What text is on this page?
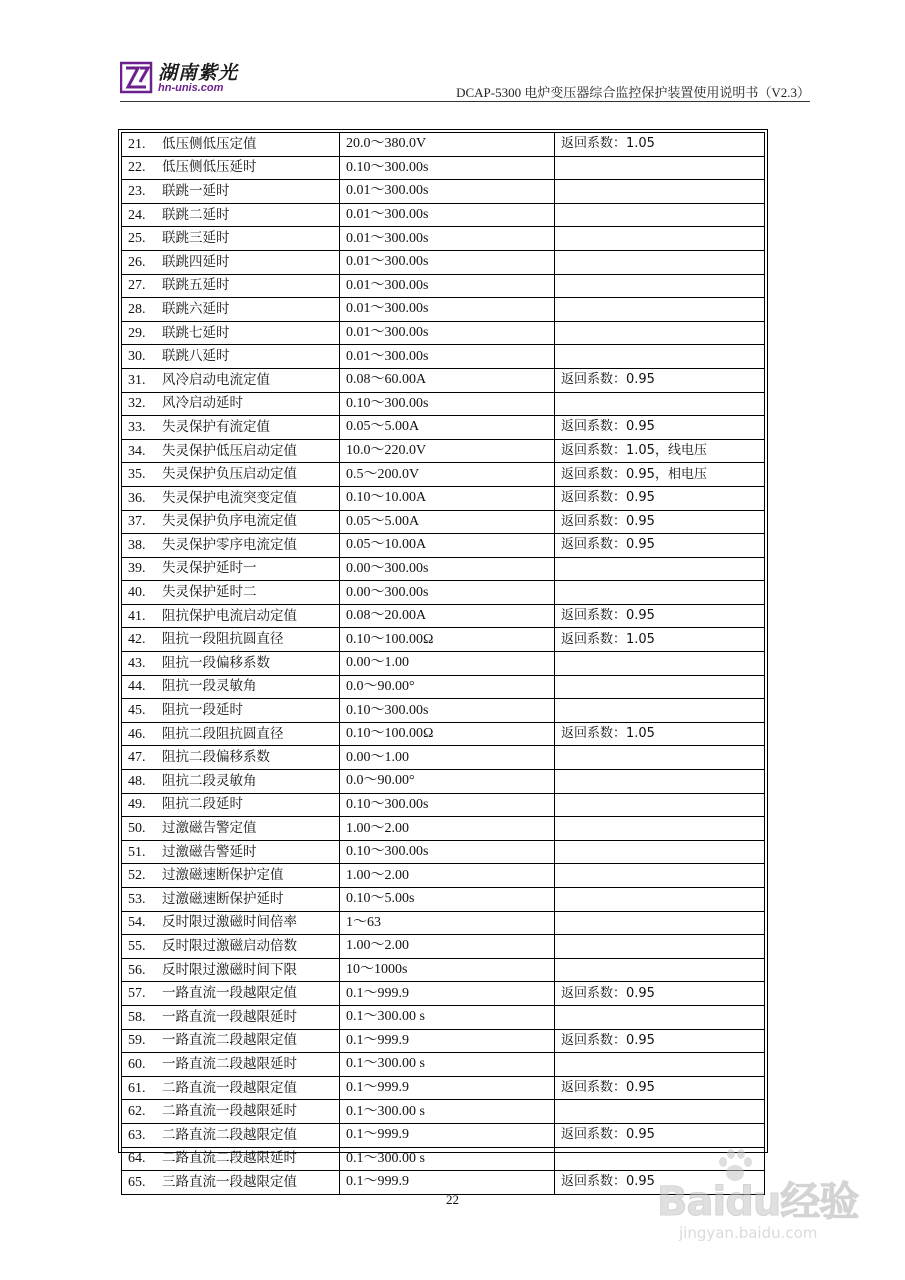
湖南紫光
hn-unis.com	DCAP-5300 电炉变压器综合监控保护装置使用说明书（V2.3）
21. 低压侧低压定值	20.0～380.0V	返回系数：1.05
22. 低压侧低压延时	0.10～300.00s	
23. 联跳一延时	0.01～300.00s	
24. 联跳二延时	0.01～300.00s	
25. 联跳三延时	0.01～300.00s	
26. 联跳四延时	0.01～300.00s	
27. 联跳五延时	0.01～300.00s	
28. 联跳六延时	0.01～300.00s	
29. 联跳七延时	0.01～300.00s	
30. 联跳八延时	0.01～300.00s	
31. 风冷启动电流定值	0.08～60.00A	返回系数：0.95
32. 风冷启动延时	0.10～300.00s	
33. 失灵保护有流定值	0.05～5.00A	返回系数：0.95
34. 失灵保护低压启动定值	10.0～220.0V	返回系数：1.05，线电压
35. 失灵保护负压启动定值	0.5～200.0V	返回系数：0.95，相电压
36. 失灵保护电流突变定值	0.10～10.00A	返回系数：0.95
37. 失灵保护负序电流定值	0.05～5.00A	返回系数：0.95
38. 失灵保护零序电流定值	0.05～10.00A	返回系数：0.95
39. 失灵保护延时一	0.00～300.00s	
40. 失灵保护延时二	0.00～300.00s	
41. 阻抗保护电流启动定值	0.08～20.00A	返回系数：0.95
42. 阻抗一段阻抗圆直径	0.10～100.00Ω	返回系数：1.05
43. 阻抗一段偏移系数	0.00～1.00	
44. 阻抗一段灵敏角	0.0～90.00°	
45. 阻抗一段延时	0.10～300.00s	
46. 阻抗二段阻抗圆直径	0.10～100.00Ω	返回系数：1.05
47. 阻抗二段偏移系数	0.00～1.00	
48. 阻抗二段灵敏角	0.0～90.00°	
49. 阻抗二段延时	0.10～300.00s	
50. 过激磁告警定值	1.00～2.00	
51. 过激磁告警延时	0.10～300.00s	
52. 过激磁速断保护定值	1.00～2.00	
53. 过激磁速断保护延时	0.10～5.00s	
54. 反时限过激磁时间倍率	1～63	
55. 反时限过激磁启动倍数	1.00～2.00	
56. 反时限过激磁时间下限	10～1000s	
57. 一路直流一段越限定值	0.1～999.9	返回系数：0.95
58. 一路直流一段越限延时	0.1～300.00 s	
59. 一路直流二段越限定值	0.1～999.9	返回系数：0.95
60. 一路直流二段越限延时	0.1～300.00 s	
61. 二路直流一段越限定值	0.1～999.9	返回系数：0.95
62. 二路直流一段越限延时	0.1～300.00 s	
63. 二路直流二段越限定值	0.1～999.9	返回系数：0.95
64. 二路直流二段越限延时	0.1～300.00 s	
65. 三路直流一段越限定值	0.1～999.9	返回系数：0.95
22	Baidu经验
jingyan.baidu.com
